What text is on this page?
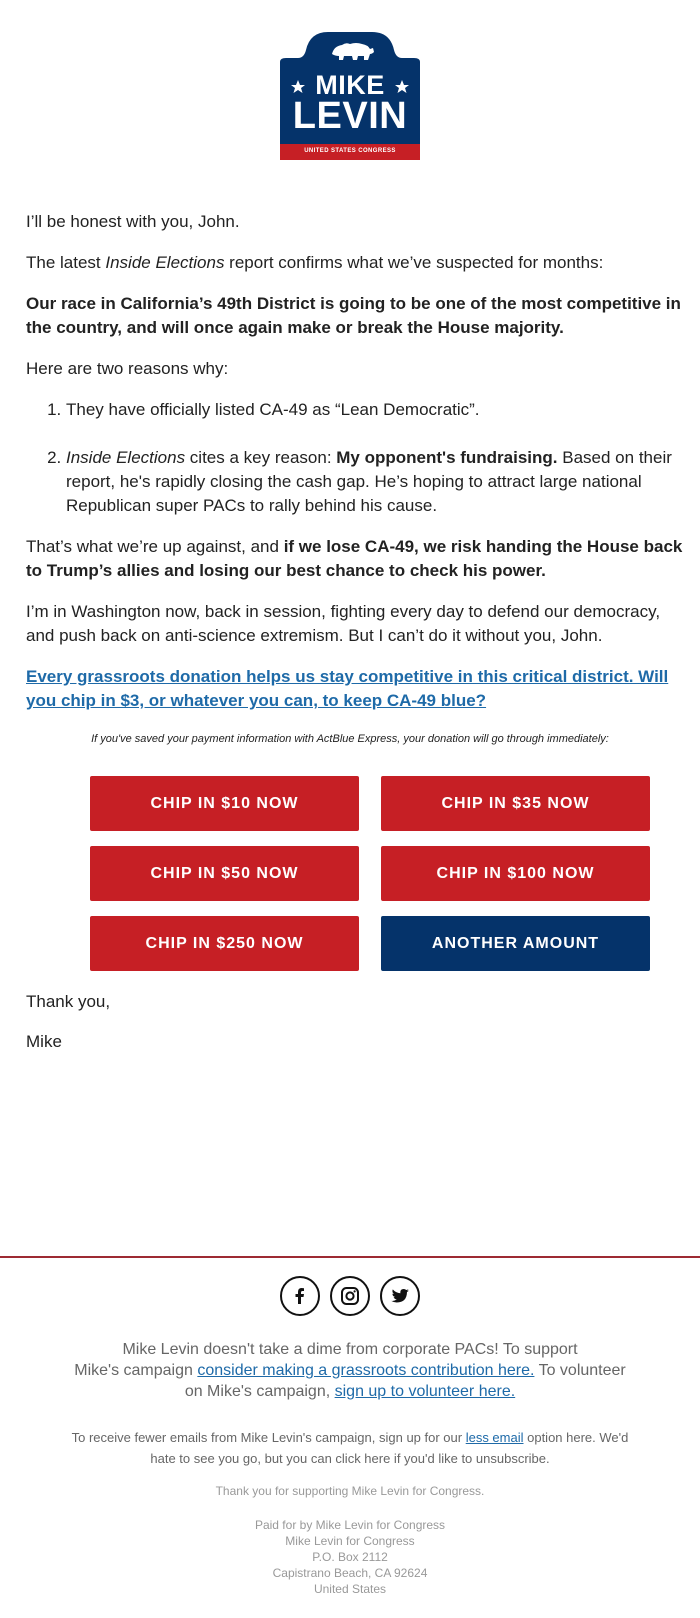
MIKE
LEVIN
UNITED STATES CONGRESS

I’ll be honest with you, John.

The latest Inside Elections report confirms what we’ve suspected for months:

Our race in California’s 49th District is going to be one of the most competitive in
the country, and will once again make or break the House majority.

Here are two reasons why:

1. They have officially listed CA-49 as “Lean Democratic”.
2. Inside Elections cites a key reason: My opponent's fundraising. Based on their
report, he's rapidly closing the cash gap. He’s hoping to attract large national
Republican super PACs to rally behind his cause.

That’s what we’re up against, and if we lose CA-49, we risk handing the House back
to Trump’s allies and losing our best chance to check his power.

I’m in Washington now, back in session, fighting every day to defend our democracy,
and push back on anti-science extremism. But I can’t do it without you, John.

Every grassroots donation helps us stay competitive in this critical district. Will
you chip in $3, or whatever you can, to keep CA-49 blue?

If you've saved your payment information with ActBlue Express, your donation will go through immediately:
CHIP IN $10 NOW	CHIP IN $35 NOW
CHIP IN $50 NOW	CHIP IN $100 NOW
CHIP IN $250 NOW	ANOTHER AMOUNT

Thank you,

Mike

Mike Levin doesn't take a dime from corporate PACs! To support
Mike's campaign consider making a grassroots contribution here. To volunteer
on Mike's campaign, sign up to volunteer here.
To receive fewer emails from Mike Levin's campaign, sign up for our less email option here. We'd
hate to see you go, but you can click here if you'd like to unsubscribe.
Thank you for supporting Mike Levin for Congress.
Paid for by Mike Levin for Congress
Mike Levin for Congress
P.O. Box 2112
Capistrano Beach, CA 92624
United States
